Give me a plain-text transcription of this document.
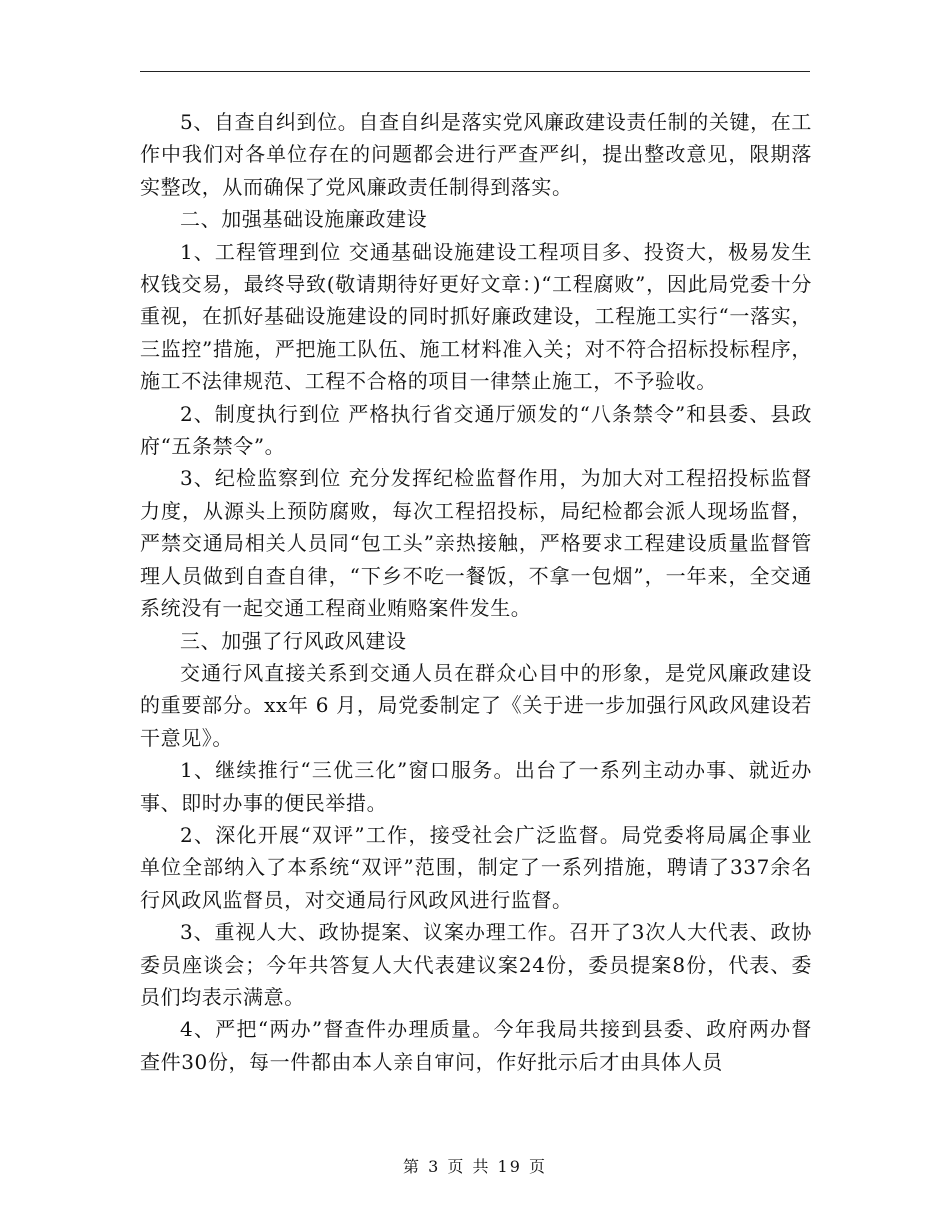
5、自查自纠到位。自查自纠是落实党风廉政建设责任制的关键，在工作中我们对各单位存在的问题都会进行严查严纠，提出整改意见，限期落实整改，从而确保了党风廉政责任制得到落实。

二、加强基础设施廉政建设

1、工程管理到位 交通基础设施建设工程项目多、投资大，极易发生权钱交易，最终导致(敬请期待好更好文章：)“工程腐败”，因此局党委十分重视，在抓好基础设施建设的同时抓好廉政建设，工程施工实行“一落实，三监控”措施，严把施工队伍、施工材料准入关；对不符合招标投标程序，施工不法律规范、工程不合格的项目一律禁止施工，不予验收。

2、制度执行到位 严格执行省交通厅颁发的“八条禁令”和县委、县政府“五条禁令”。

3、纪检监察到位 充分发挥纪检监督作用，为加大对工程招投标监督力度，从源头上预防腐败，每次工程招投标，局纪检都会派人现场监督，严禁交通局相关人员同“包工头”亲热接触，严格要求工程建设质量监督管理人员做到自查自律，“下乡不吃一餐饭，不拿一包烟”，一年来，全交通系统没有一起交通工程商业贿赂案件发生。

三、加强了行风政风建设

交通行风直接关系到交通人员在群众心目中的形象，是党风廉政建设的重要部分。xx年 6 月，局党委制定了《关于进一步加强行风政风建设若干意见》。

1、继续推行“三优三化”窗口服务。出台了一系列主动办事、就近办事、即时办事的便民举措。

2、深化开展“双评”工作，接受社会广泛监督。局党委将局属企事业单位全部纳入了本系统“双评”范围，制定了一系列措施，聘请了337余名行风政风监督员，对交通局行风政风进行监督。

3、重视人大、政协提案、议案办理工作。召开了3次人大代表、政协委员座谈会；今年共答复人大代表建议案24份，委员提案8份，代表、委员们均表示满意。

4、严把“两办”督查件办理质量。今年我局共接到县委、政府两办督查件30份，每一件都由本人亲自审问，作好批示后才由具体人员

第 3 页 共 19 页
